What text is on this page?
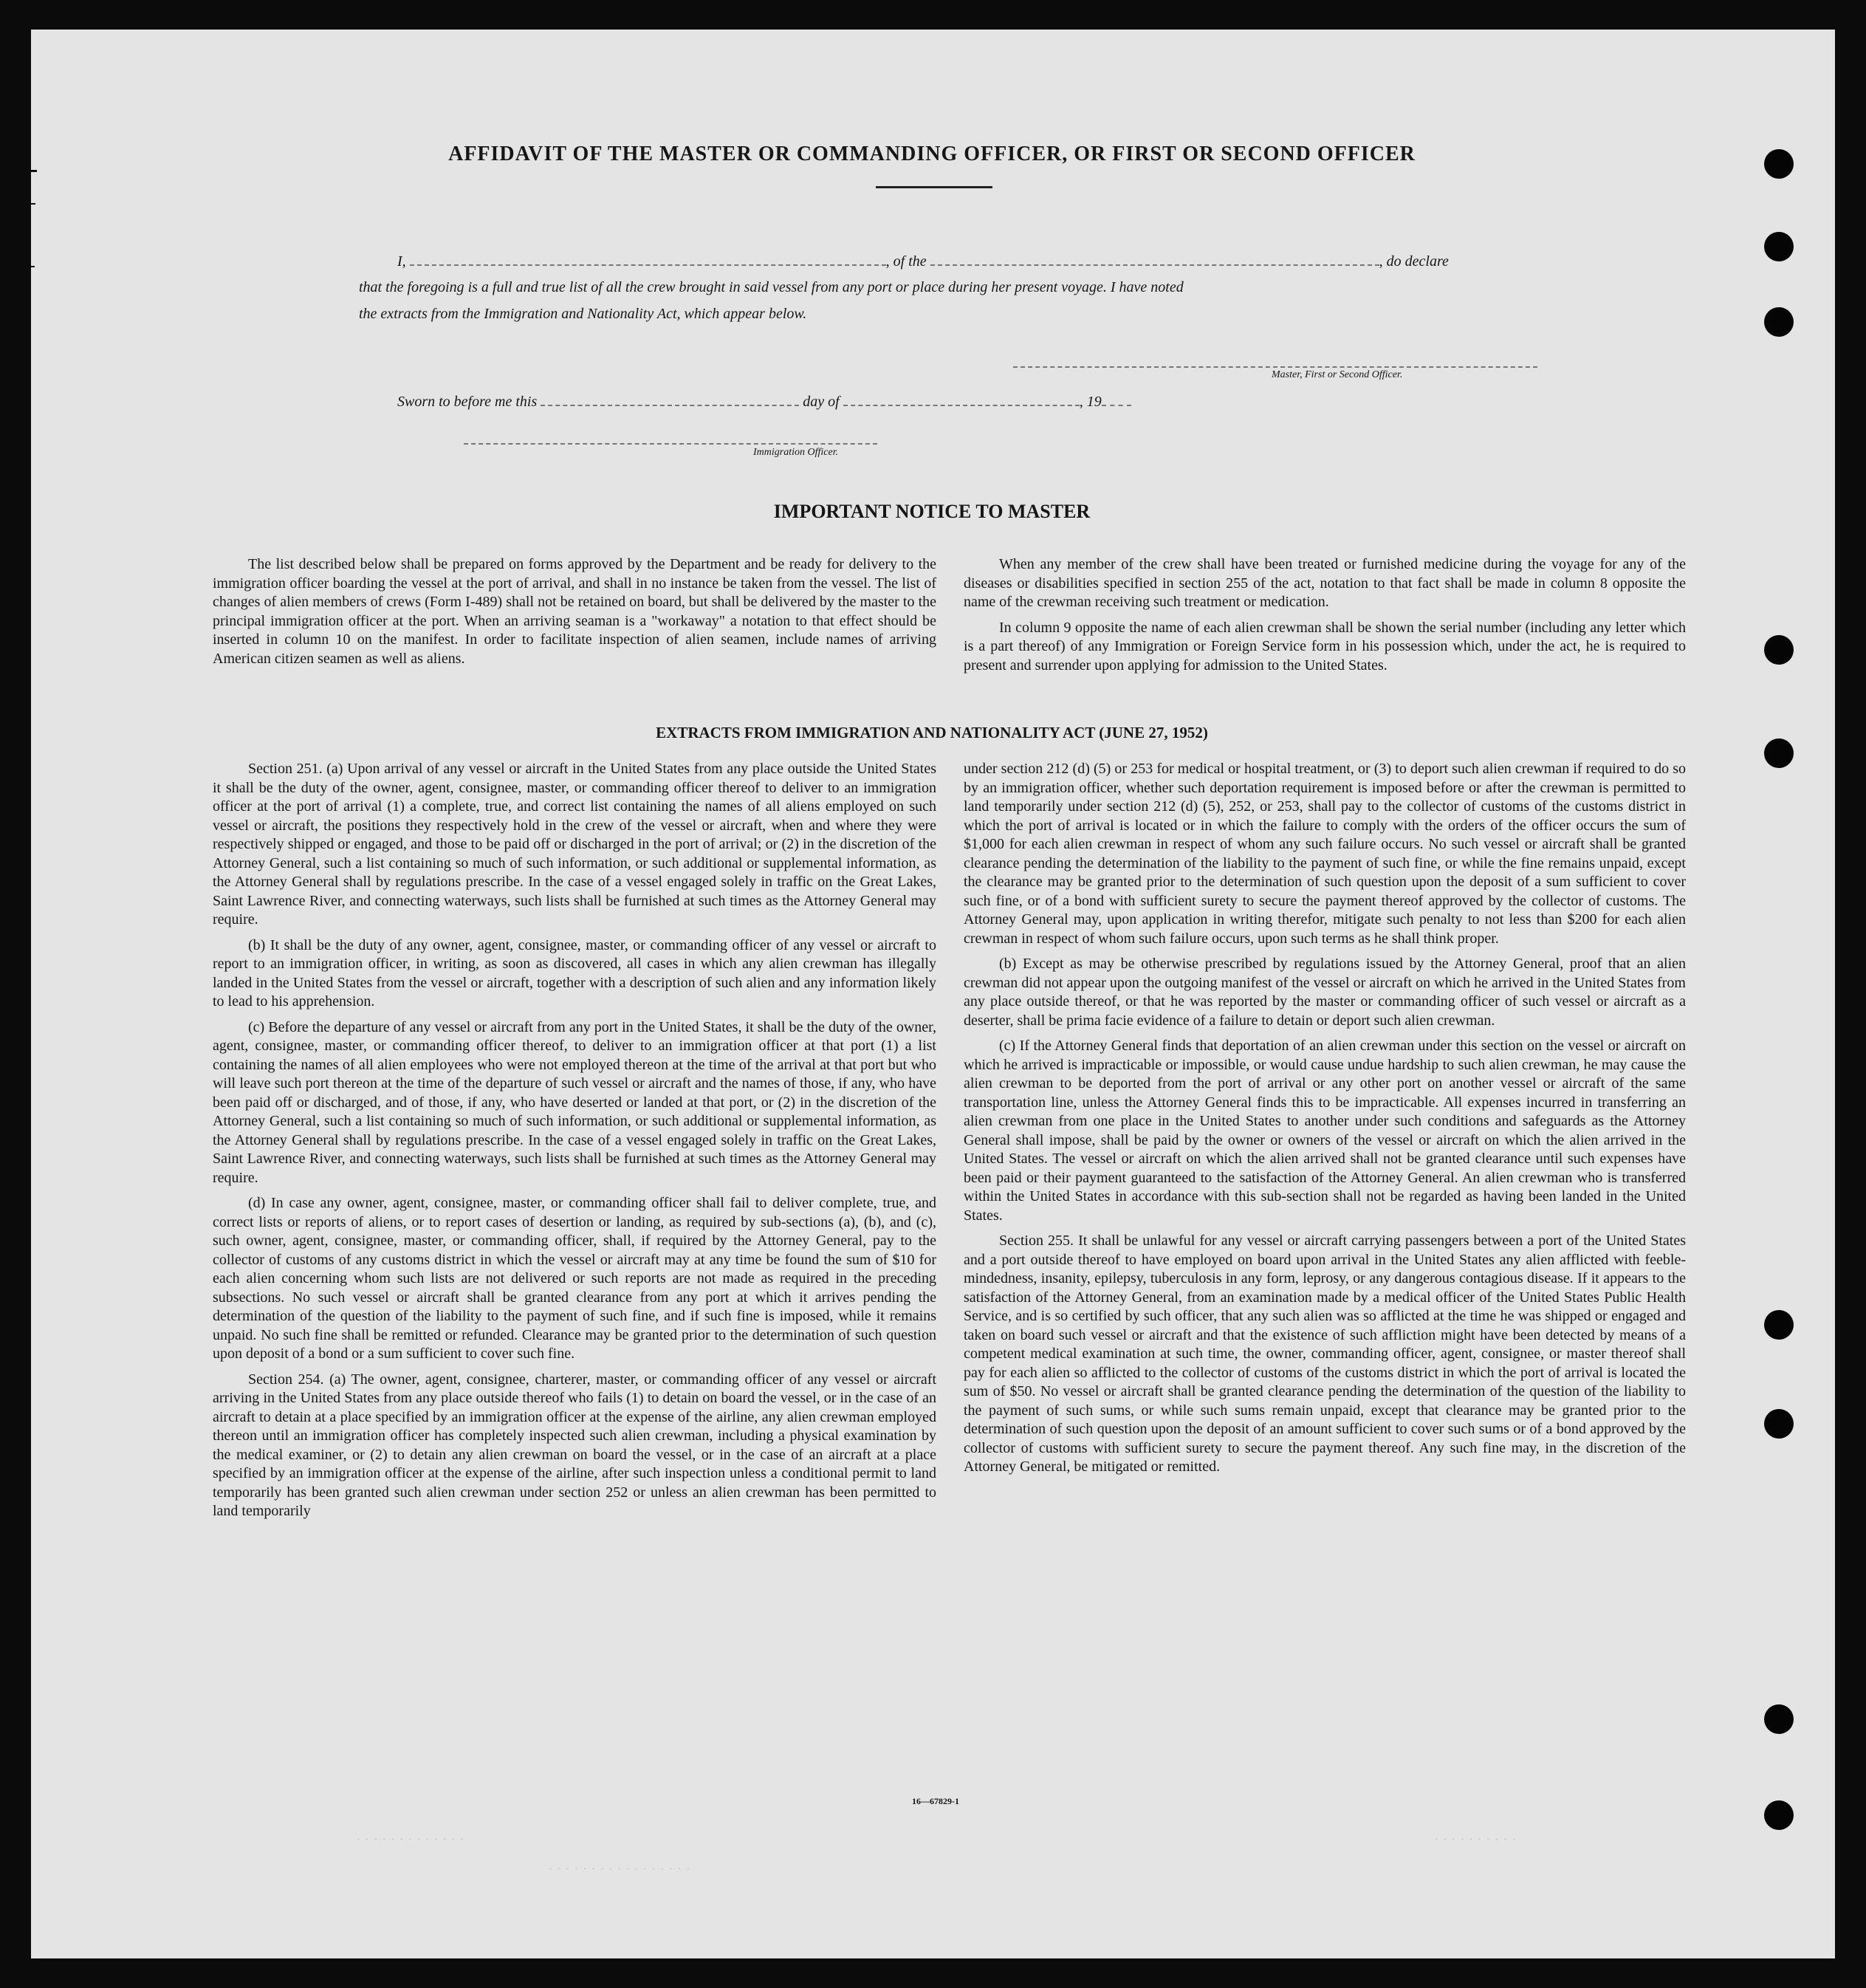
AFFIDAVIT OF THE MASTER OR COMMANDING OFFICER, OR FIRST OR SECOND OFFICER
I,	, of the	, do declare
that the foregoing is a full and true list of all the crew brought in said vessel from any port or place during her present voyage. I have noted
the extracts from the Immigration and Nationality Act, which appear below.
Master, First or Second Officer.
Sworn to before me this	day of	, 19
Immigration Officer.
IMPORTANT NOTICE TO MASTER

The list described below shall be prepared on forms approved by the Department and be ready for delivery to the immigration officer boarding the vessel at the port of arrival, and shall in no instance be taken from the vessel. The list of changes of alien members of crews (Form I-489) shall not be retained on board, but shall be delivered by the master to the principal immigration officer at the port. When an arriving seaman is a "workaway" a notation to that effect should be inserted in column 10 on the manifest. In order to facilitate inspection of alien seamen, include names of arriving American citizen seamen as well as aliens.

When any member of the crew shall have been treated or furnished medicine during the voyage for any of the diseases or disabilities specified in section 255 of the act, notation to that fact shall be made in column 8 opposite the name of the crewman receiving such treatment or medication.

In column 9 opposite the name of each alien crewman shall be shown the serial number (including any letter which is a part thereof) of any Immigration or Foreign Service form in his possession which, under the act, he is required to present and surrender upon applying for admission to the United States.

EXTRACTS FROM IMMIGRATION AND NATIONALITY ACT (JUNE 27, 1952)

Section 251. (a) Upon arrival of any vessel or aircraft in the United States from any place outside the United States it shall be the duty of the owner, agent, consignee, master, or commanding officer thereof to deliver to an immigration officer at the port of arrival (1) a complete, true, and correct list containing the names of all aliens employed on such vessel or aircraft, the positions they respectively hold in the crew of the vessel or aircraft, when and where they were respectively shipped or engaged, and those to be paid off or discharged in the port of arrival; or (2) in the discretion of the Attorney General, such a list containing so much of such information, or such additional or supplemental information, as the Attorney General shall by regulations prescribe. In the case of a vessel engaged solely in traffic on the Great Lakes, Saint Lawrence River, and connecting waterways, such lists shall be furnished at such times as the Attorney General may require.

(b) It shall be the duty of any owner, agent, consignee, master, or commanding officer of any vessel or aircraft to report to an immigration officer, in writing, as soon as discovered, all cases in which any alien crewman has illegally landed in the United States from the vessel or aircraft, together with a description of such alien and any information likely to lead to his apprehension.

(c) Before the departure of any vessel or aircraft from any port in the United States, it shall be the duty of the owner, agent, consignee, master, or commanding officer thereof, to deliver to an immigration officer at that port (1) a list containing the names of all alien employees who were not employed thereon at the time of the arrival at that port but who will leave such port thereon at the time of the departure of such vessel or aircraft and the names of those, if any, who have been paid off or discharged, and of those, if any, who have deserted or landed at that port, or (2) in the discretion of the Attorney General, such a list containing so much of such information, or such additional or supplemental information, as the Attorney General shall by regulations prescribe. In the case of a vessel engaged solely in traffic on the Great Lakes, Saint Lawrence River, and connecting waterways, such lists shall be furnished at such times as the Attorney General may require.

(d) In case any owner, agent, consignee, master, or commanding officer shall fail to deliver complete, true, and correct lists or reports of aliens, or to report cases of desertion or landing, as required by sub-sections (a), (b), and (c), such owner, agent, consignee, master, or commanding officer, shall, if required by the Attorney General, pay to the collector of customs of any customs district in which the vessel or aircraft may at any time be found the sum of $10 for each alien concerning whom such lists are not delivered or such reports are not made as required in the preceding subsections. No such vessel or aircraft shall be granted clearance from any port at which it arrives pending the determination of the question of the liability to the payment of such fine, and if such fine is imposed, while it remains unpaid. No such fine shall be remitted or refunded. Clearance may be granted prior to the determination of such question upon deposit of a bond or a sum sufficient to cover such fine.

Section 254. (a) The owner, agent, consignee, charterer, master, or commanding officer of any vessel or aircraft arriving in the United States from any place outside thereof who fails (1) to detain on board the vessel, or in the case of an aircraft to detain at a place specified by an immigration officer at the expense of the airline, any alien crewman employed thereon until an immigration officer has completely inspected such alien crewman, including a physical examination by the medical examiner, or (2) to detain any alien crewman on board the vessel, or in the case of an aircraft at a place specified by an immigration officer at the expense of the airline, after such inspection unless a conditional permit to land temporarily has been granted such alien crewman under section 252 or unless an alien crewman has been permitted to land temporarily

under section 212 (d) (5) or 253 for medical or hospital treatment, or (3) to deport such alien crewman if required to do so by an immigration officer, whether such deportation requirement is imposed before or after the crewman is permitted to land temporarily under section 212 (d) (5), 252, or 253, shall pay to the collector of customs of the customs district in which the port of arrival is located or in which the failure to comply with the orders of the officer occurs the sum of $1,000 for each alien crewman in respect of whom any such failure occurs. No such vessel or aircraft shall be granted clearance pending the determination of the liability to the payment of such fine, or while the fine remains unpaid, except the clearance may be granted prior to the determination of such question upon the deposit of a sum sufficient to cover such fine, or of a bond with sufficient surety to secure the payment thereof approved by the collector of customs. The Attorney General may, upon application in writing therefor, mitigate such penalty to not less than $200 for each alien crewman in respect of whom such failure occurs, upon such terms as he shall think proper.

(b) Except as may be otherwise prescribed by regulations issued by the Attorney General, proof that an alien crewman did not appear upon the outgoing manifest of the vessel or aircraft on which he arrived in the United States from any place outside thereof, or that he was reported by the master or commanding officer of such vessel or aircraft as a deserter, shall be prima facie evidence of a failure to detain or deport such alien crewman.

(c) If the Attorney General finds that deportation of an alien crewman under this section on the vessel or aircraft on which he arrived is impracticable or impossible, or would cause undue hardship to such alien crewman, he may cause the alien crewman to be deported from the port of arrival or any other port on another vessel or aircraft of the same transportation line, unless the Attorney General finds this to be impracticable. All expenses incurred in transferring an alien crewman from one place in the United States to another under such conditions and safeguards as the Attorney General shall impose, shall be paid by the owner or owners of the vessel or aircraft on which the alien arrived in the United States. The vessel or aircraft on which the alien arrived shall not be granted clearance until such expenses have been paid or their payment guaranteed to the satisfaction of the Attorney General. An alien crewman who is transferred within the United States in accordance with this sub-section shall not be regarded as having been landed in the United States.

Section 255. It shall be unlawful for any vessel or aircraft carrying passengers between a port of the United States and a port outside thereof to have employed on board upon arrival in the United States any alien afflicted with feeble-mindedness, insanity, epilepsy, tuberculosis in any form, leprosy, or any dangerous contagious disease. If it appears to the satisfaction of the Attorney General, from an examination made by a medical officer of the United States Public Health Service, and is so certified by such officer, that any such alien was so afflicted at the time he was shipped or engaged and taken on board such vessel or aircraft and that the existence of such affliction might have been detected by means of a competent medical examination at such time, the owner, commanding officer, agent, consignee, or master thereof shall pay for each alien so afflicted to the collector of customs of the customs district in which the port of arrival is located the sum of $50. No vessel or aircraft shall be granted clearance pending the determination of the question of the liability to the payment of such sums, or while such sums remain unpaid, except that clearance may be granted prior to the determination of such question upon the deposit of an amount sufficient to cover such sums or of a bond approved by the collector of customs with sufficient surety to secure the payment thereof. Any such fine may, in the discretion of the Attorney General, be mitigated or remitted.

16—67829-1
· · · · · · · · · · · · ·	· · · · · · · · · ·
· · · · · · · · · · · · · · · · ·
